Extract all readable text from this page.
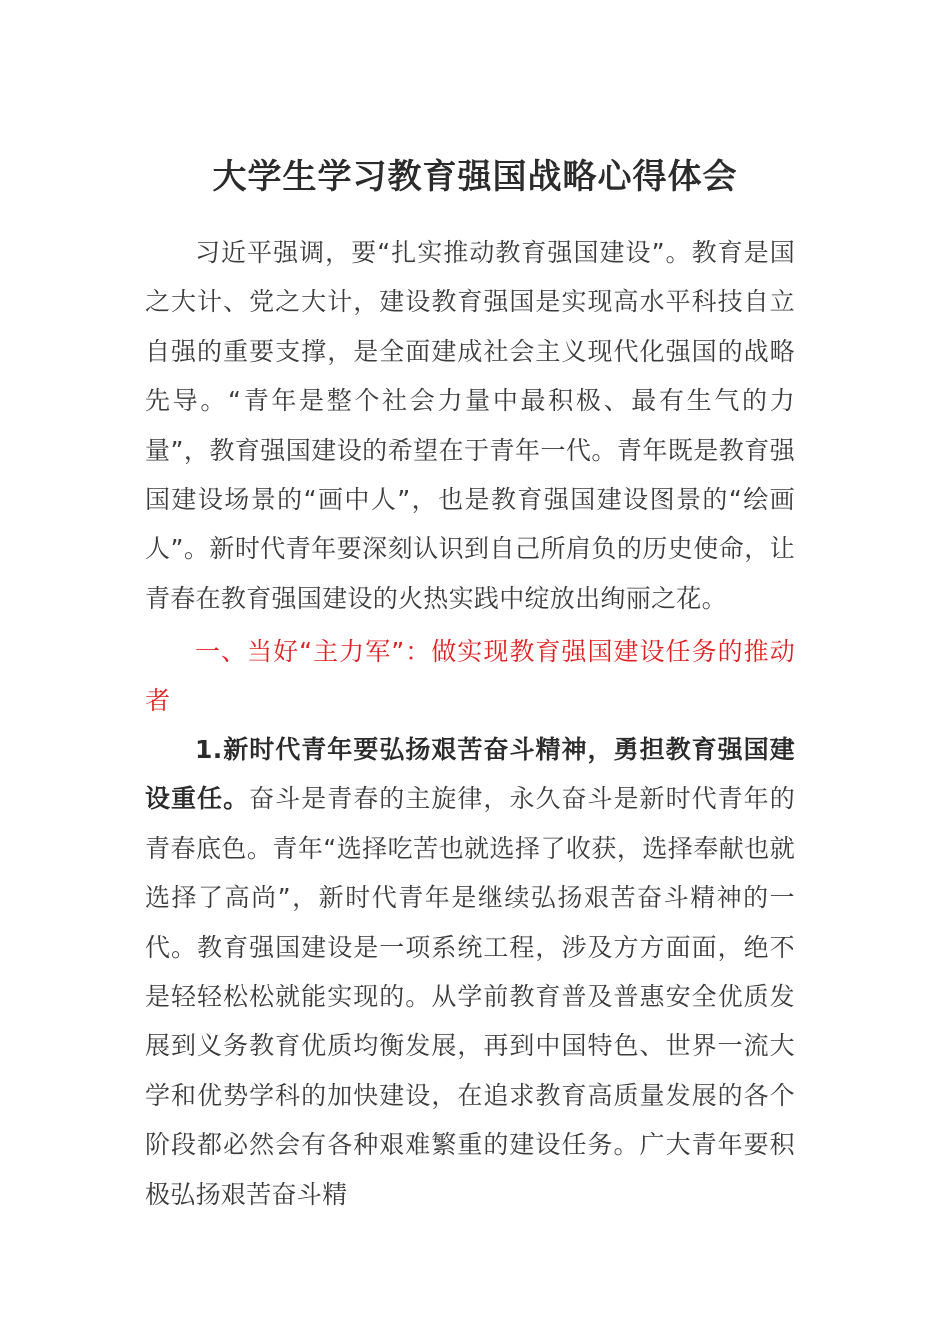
大学生学习教育强国战略心得体会

习近平强调，要“扎实推动教育强国建设”。教育是国之大计、党之大计，建设教育强国是实现高水平科技自立自强的重要支撑，是全面建成社会主义现代化强国的战略先导。“青年是整个社会力量中最积极、最有生气的力量”，教育强国建设的希望在于青年一代。青年既是教育强国建设场景的“画中人”，也是教育强国建设图景的“绘画人”。新时代青年要深刻认识到自己所肩负的历史使命，让青春在教育强国建设的火热实践中绽放出绚丽之花。

一、当好“主力军”：做实现教育强国建设任务的推动者

1.新时代青年要弘扬艰苦奋斗精神，勇担教育强国建设重任。奋斗是青春的主旋律，永久奋斗是新时代青年的青春底色。青年“选择吃苦也就选择了收获，选择奉献也就选择了高尚”，新时代青年是继续弘扬艰苦奋斗精神的一代。教育强国建设是一项系统工程，涉及方方面面，绝不是轻轻松松就能实现的。从学前教育普及普惠安全优质发展到义务教育优质均衡发展，再到中国特色、世界一流大学和优势学科的加快建设，在追求教育高质量发展的各个阶段都必然会有各种艰难繁重的建设任务。广大青年要积极弘扬艰苦奋斗精
